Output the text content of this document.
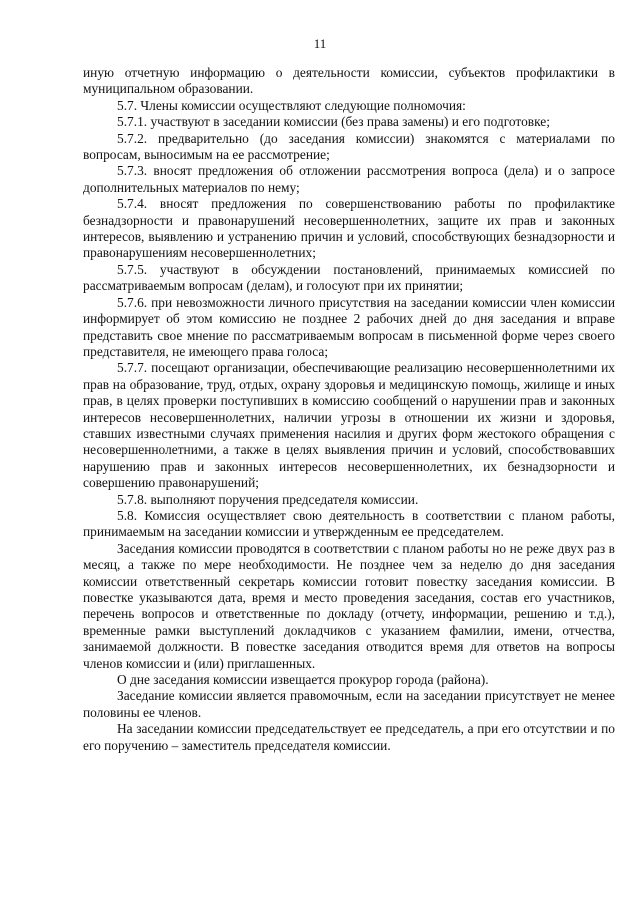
11

иную отчетную информацию о деятельности комиссии, субъектов профилактики в муниципальном образовании.

5.7. Члены комиссии осуществляют следующие полномочия:

5.7.1. участвуют в заседании комиссии (без права замены) и его подготовке;

5.7.2. предварительно (до заседания комиссии) знакомятся с материалами по вопросам, выносимым на ее рассмотрение;

5.7.3. вносят предложения об отложении рассмотрения вопроса (дела) и о запросе дополнительных материалов по нему;

5.7.4. вносят предложения по совершенствованию работы по профилактике безнадзорности и правонарушений несовершеннолетних, защите их прав и законных интересов, выявлению и устранению причин и условий, способствующих безнадзорности и правонарушениям несовершеннолетних;

5.7.5. участвуют в обсуждении постановлений, принимаемых комиссией по рассматриваемым вопросам (делам), и голосуют при их принятии;

5.7.6. при невозможности личного присутствия на заседании комиссии член комиссии информирует об этом комиссию не позднее 2 рабочих дней до дня заседания и вправе представить свое мнение по рассматриваемым вопросам в письменной форме через своего представителя, не имеющего права голоса;

5.7.7. посещают организации, обеспечивающие реализацию несовершеннолетними их прав на образование, труд, отдых, охрану здоровья и медицинскую помощь, жилище и иных прав, в целях проверки поступивших в комиссию сообщений о нарушении прав и законных интересов несовершеннолетних, наличии угрозы в отношении их жизни и здоровья, ставших известными случаях применения насилия и других форм жестокого обращения с несовершеннолетними, а также в целях выявления причин и условий, способствовавших нарушению прав и законных интересов несовершеннолетних, их безнадзорности и совершению правонарушений;

5.7.8. выполняют поручения председателя комиссии.

5.8. Комиссия осуществляет свою деятельность в соответствии с планом работы, принимаемым на заседании комиссии и утвержденным ее председателем.

Заседания комиссии проводятся в соответствии с планом работы но не реже двух раз в месяц, а также по мере необходимости. Не позднее чем за неделю до дня заседания комиссии ответственный секретарь комиссии готовит повестку заседания комиссии. В повестке указываются дата, время и место проведения заседания, состав его участников, перечень вопросов и ответственные по докладу (отчету, информации, решению и т.д.), временные рамки выступлений докладчиков с указанием фамилии, имени, отчества, занимаемой должности. В повестке заседания отводится время для ответов на вопросы членов комиссии и (или) приглашенных.

О дне заседания комиссии извещается прокурор города (района).

Заседание комиссии является правомочным, если на заседании присутствует не менее половины ее членов.

На заседании комиссии председательствует ее председатель, а при его отсутствии и по его поручению – заместитель председателя комиссии.
